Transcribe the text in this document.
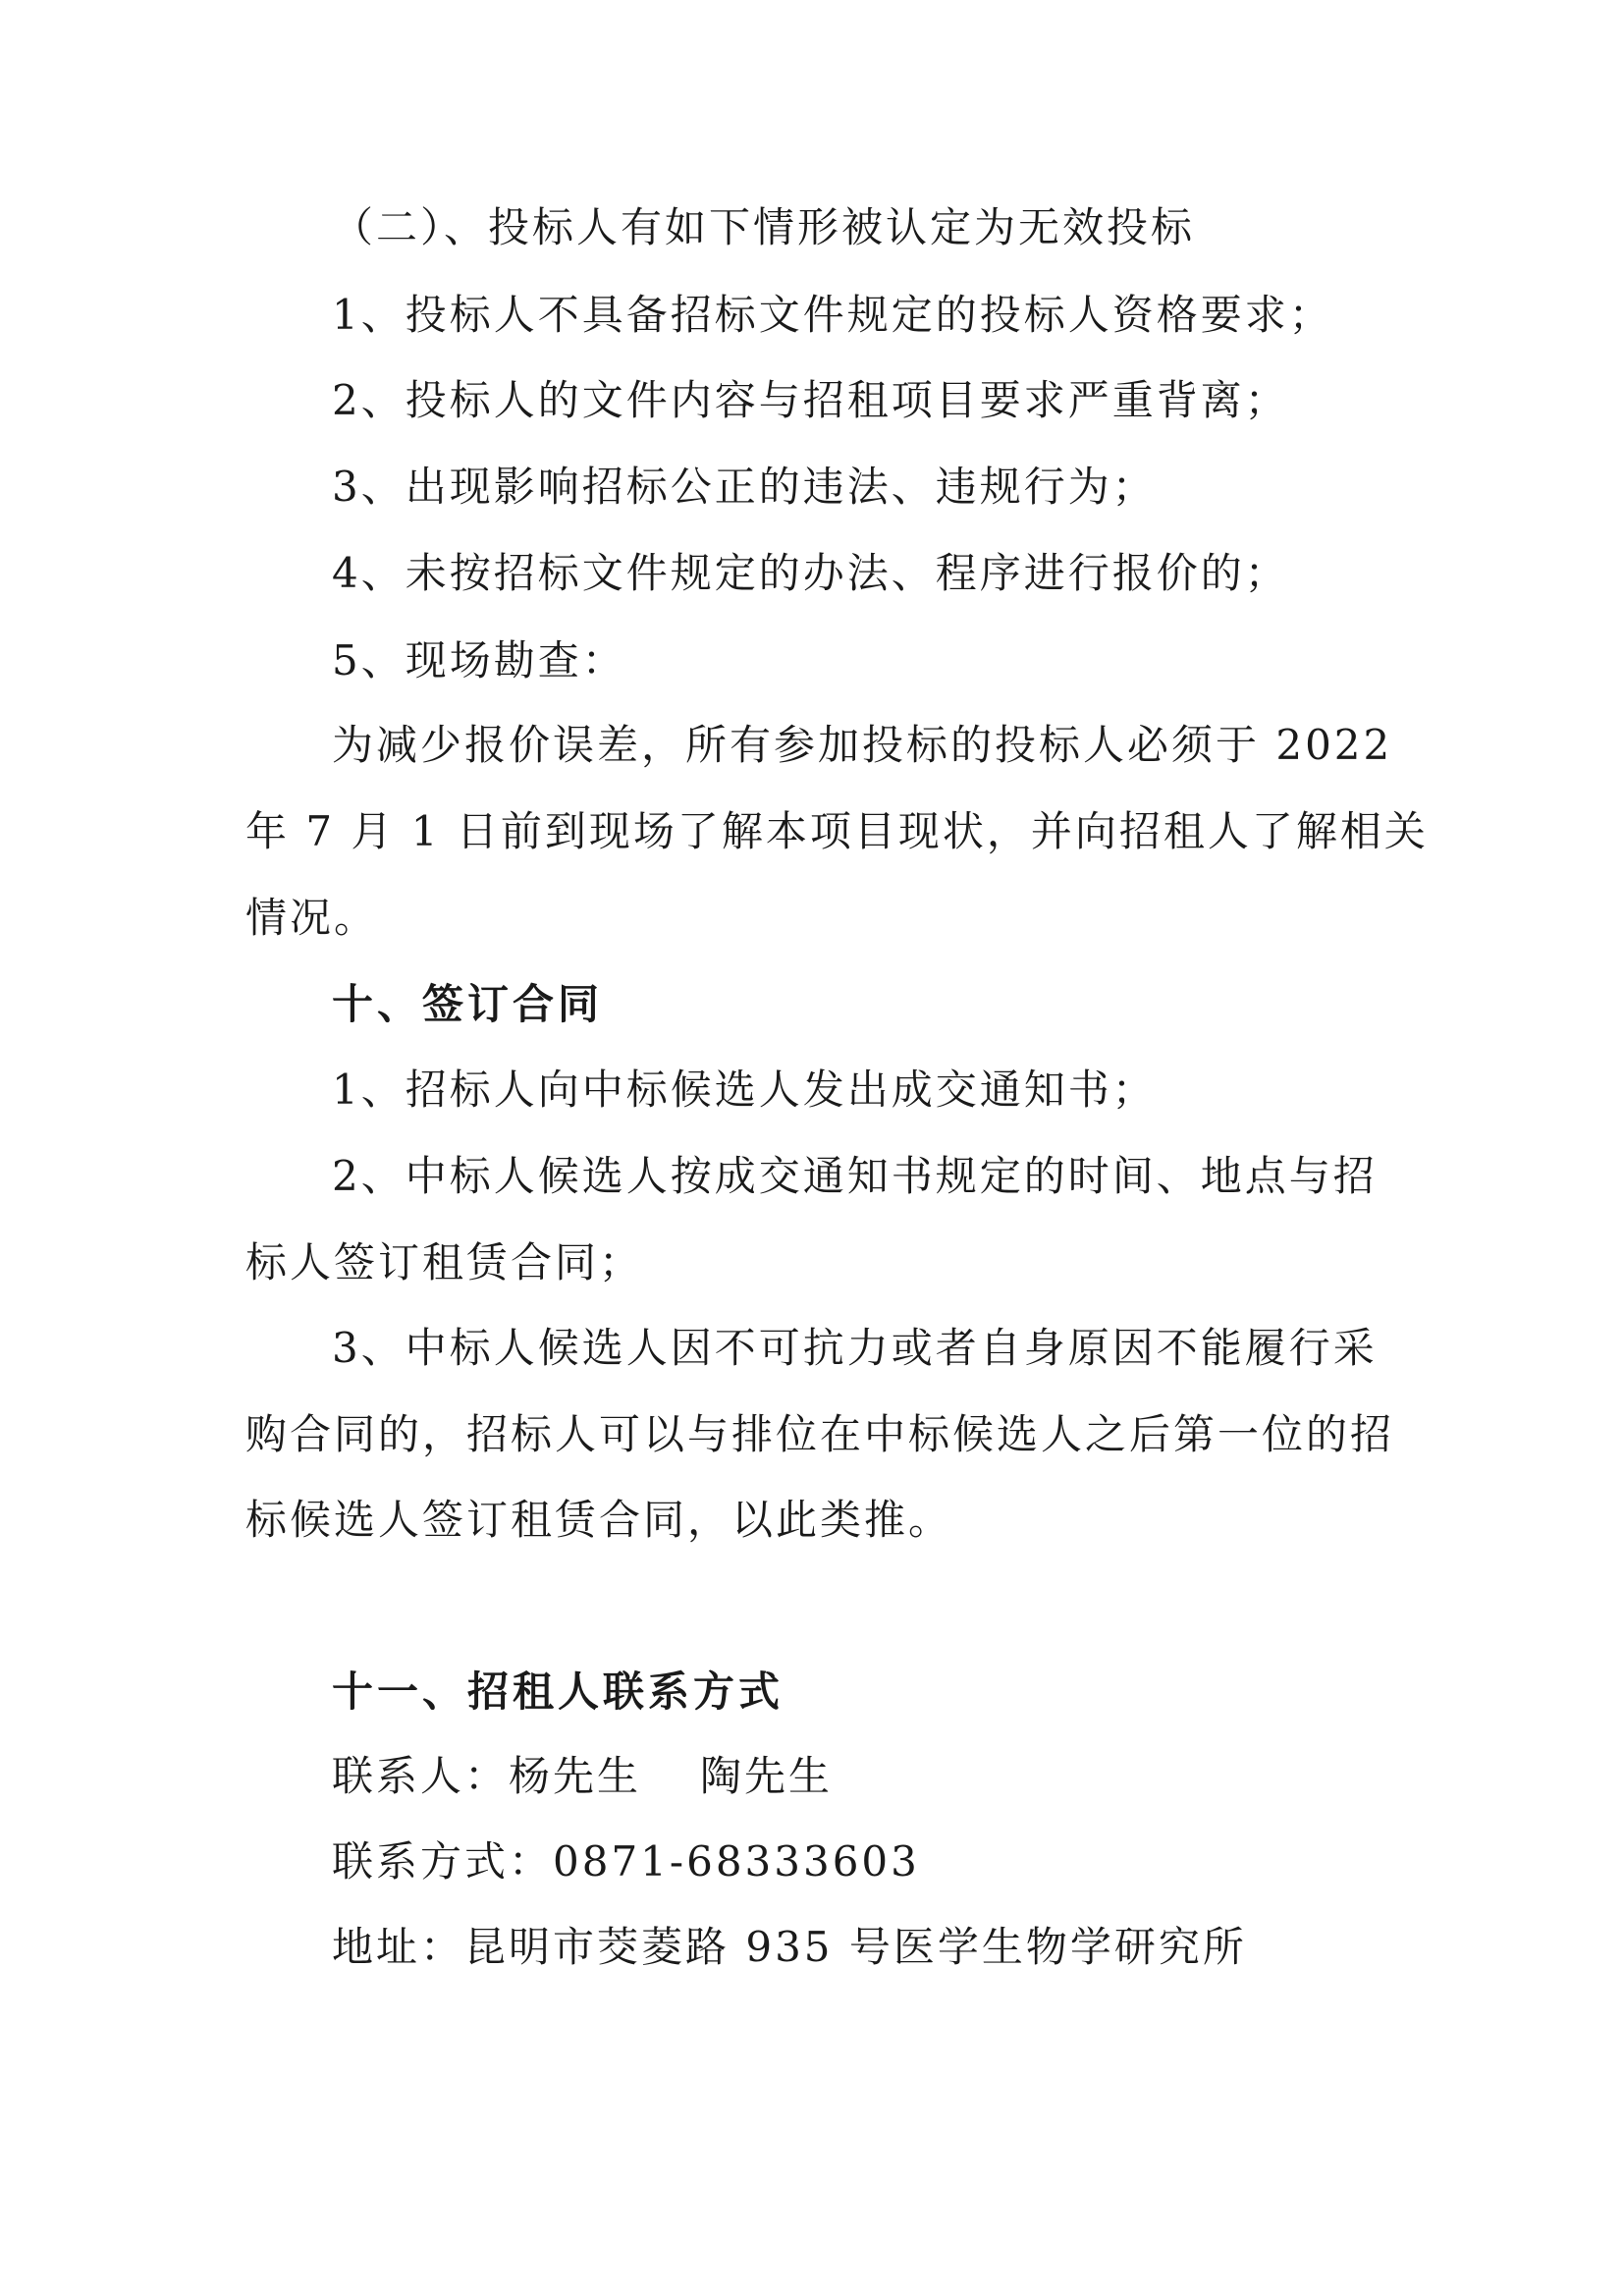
（二）、投标人有如下情形被认定为无效投标
1、投标人不具备招标文件规定的投标人资格要求；
2、投标人的文件内容与招租项目要求严重背离；
3、出现影响招标公正的违法、违规行为；
4、未按招标文件规定的办法、程序进行报价的；
5、现场勘查：
为减少报价误差，所有参加投标的投标人必须于 2022
年 7 月 1 日前到现场了解本项目现状，并向招租人了解相关
情况。
十、签订合同
1、招标人向中标候选人发出成交通知书；
2、中标人候选人按成交通知书规定的时间、地点与招
标人签订租赁合同；
3、中标人候选人因不可抗力或者自身原因不能履行采
购合同的，招标人可以与排位在中标候选人之后第一位的招
标候选人签订租赁合同，以此类推。
十一、招租人联系方式
联系人：杨先生 陶先生
联系方式：0871-68333603
地址：昆明市茭菱路 935 号医学生物学研究所
